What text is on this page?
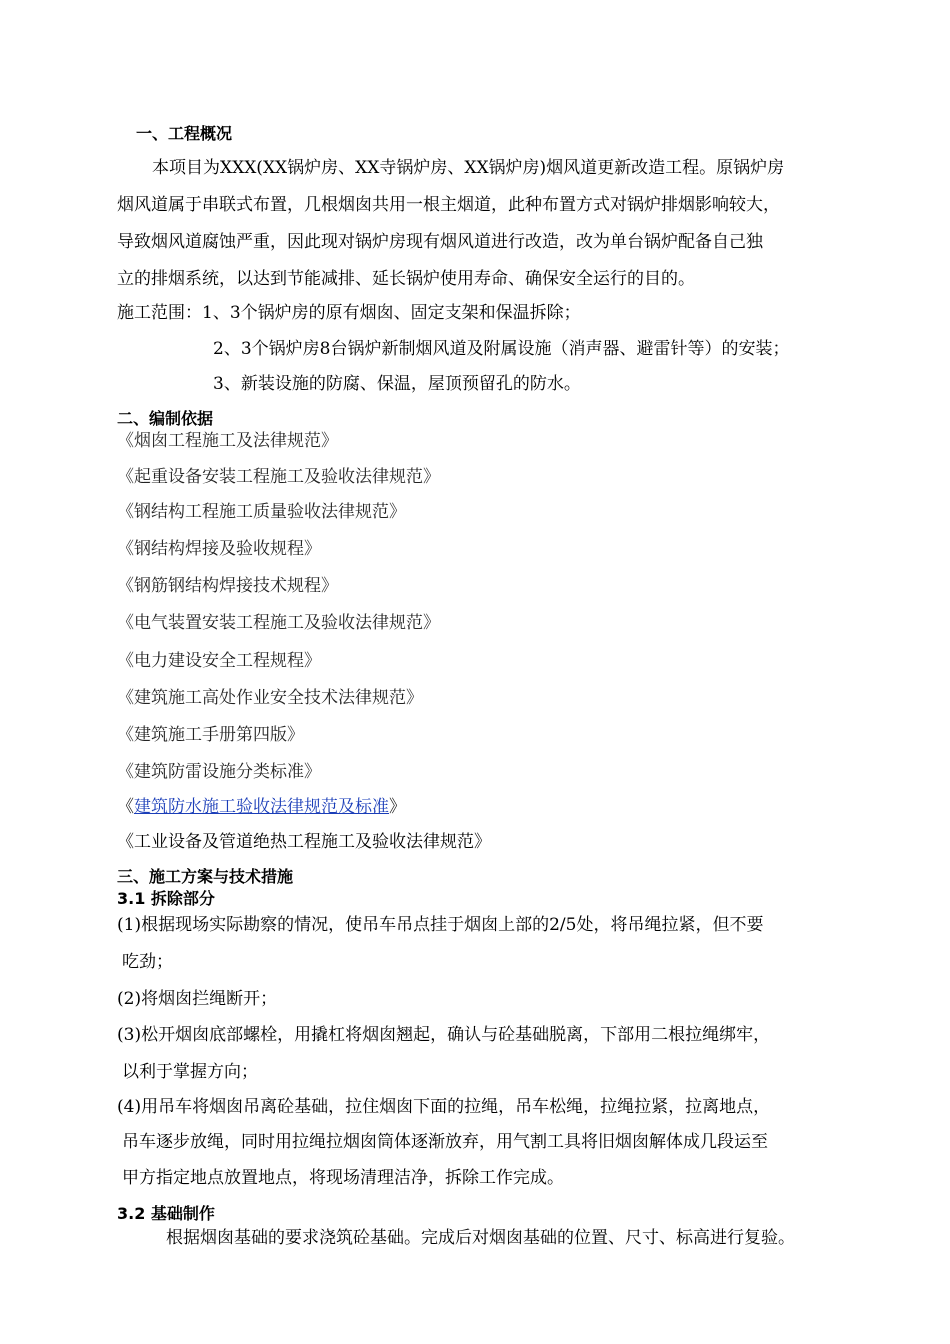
一、工程概况
本项目为XXX(XX锅炉房、XX寺锅炉房、XX锅炉房)烟风道更新改造工程。原锅炉房
烟风道属于串联式布置，几根烟囱共用一根主烟道，此种布置方式对锅炉排烟影响较大，
导致烟风道腐蚀严重，因此现对锅炉房现有烟风道进行改造，改为单台锅炉配备自己独
立的排烟系统，以达到节能减排、延长锅炉使用寿命、确保安全运行的目的。
施工范围：1、3个锅炉房的原有烟囱、固定支架和保温拆除；
2、3个锅炉房8台锅炉新制烟风道及附属设施（消声器、避雷针等）的安装；
3、新装设施的防腐、保温，屋顶预留孔的防水。
二、编制依据
《烟囱工程施工及法律规范》
《起重设备安装工程施工及验收法律规范》
《钢结构工程施工质量验收法律规范》
《钢结构焊接及验收规程》
《钢筋钢结构焊接技术规程》
《电气装置安装工程施工及验收法律规范》
《电力建设安全工程规程》
《建筑施工高处作业安全技术法律规范》
《建筑施工手册第四版》
《建筑防雷设施分类标准》
《建筑防水施工验收法律规范及标准》
《工业设备及管道绝热工程施工及验收法律规范》
三、施工方案与技术措施
3.1 拆除部分
(1)根据现场实际勘察的情况，使吊车吊点挂于烟囱上部的2/5处，将吊绳拉紧，但不要
吃劲；
(2)将烟囱拦绳断开；
(3)松开烟囱底部螺栓，用撬杠将烟囱翘起，确认与砼基础脱离，下部用二根拉绳绑牢，
以利于掌握方向；
(4)用吊车将烟囱吊离砼基础，拉住烟囱下面的拉绳，吊车松绳，拉绳拉紧，拉离地点，
吊车逐步放绳，同时用拉绳拉烟囱筒体逐渐放弃，用气割工具将旧烟囱解体成几段运至
甲方指定地点放置地点，将现场清理洁净，拆除工作完成。
3.2 基础制作
根据烟囱基础的要求浇筑砼基础。完成后对烟囱基础的位置、尺寸、标高进行复验。
